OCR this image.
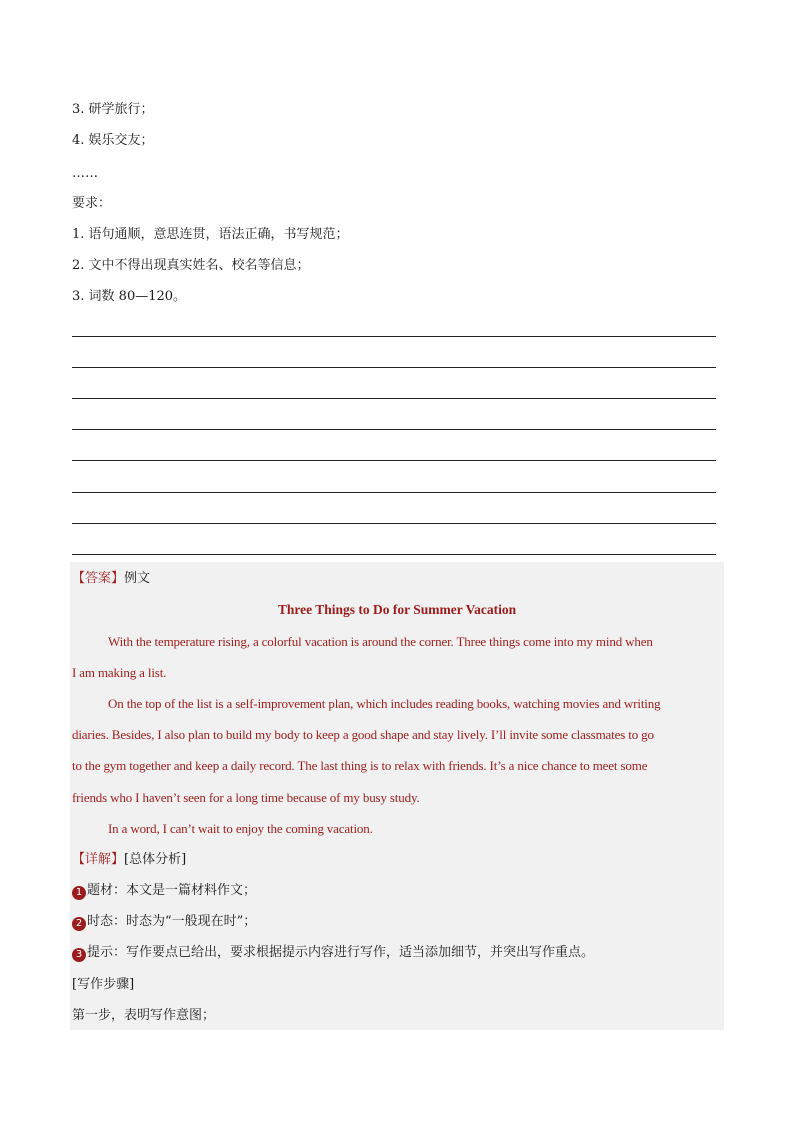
3. 研学旅行；

4. 娱乐交友；

……

要求：

1. 语句通顺，意思连贯，语法正确，书写规范；

2. 文中不得出现真实姓名、校名等信息；

3. 词数 80—120。

【答案】例文

Three Things to Do for Summer Vacation

With the temperature rising, a colorful vacation is around the corner. Three things come into my mind when

I am making a list.

On the top of the list is a self-improvement plan, which includes reading books, watching movies and writing

diaries. Besides, I also plan to build my body to keep a good shape and stay lively. I’ll invite some classmates to go

to the gym together and keep a daily record. The last thing is to relax with friends. It’s a nice chance to meet some

friends who I haven’t seen for a long time because of my busy study.

In a word, I can’t wait to enjoy the coming vacation.

【详解】[总体分析]

1 题材：本文是一篇材料作文；

2 时态：时态为“一般现在时”；

3 提示：写作要点已给出，要求根据提示内容进行写作，适当添加细节，并突出写作重点。

[写作步骤]

第一步，表明写作意图；
